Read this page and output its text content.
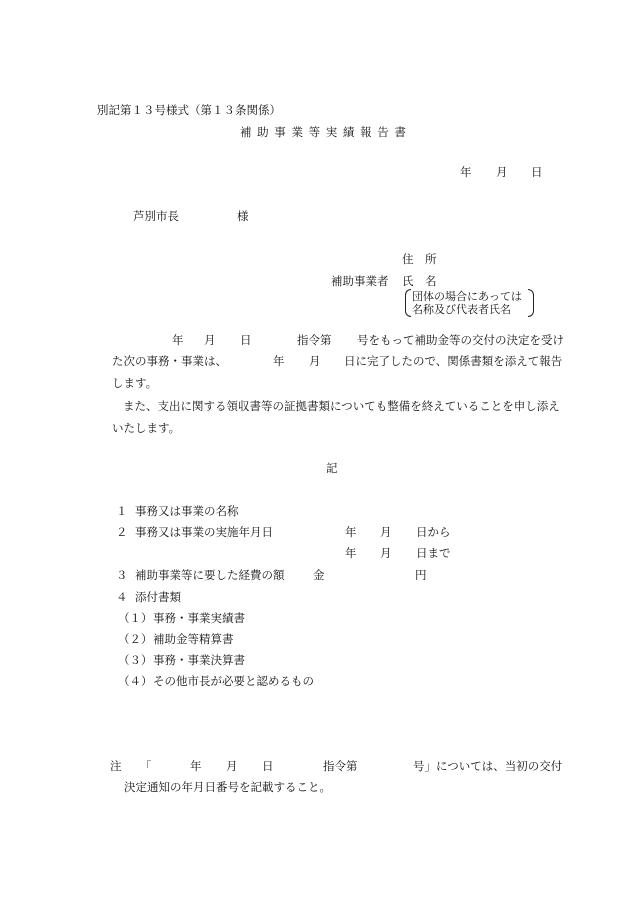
別記第１３号様式（第１３条関係）
補 助 事 業 等 実 績 報 告 書
年 月 日
芦別市長	様
住　所
補助事業者 氏　名
団体の場合にあっては
名称及び代表者氏名
年 月 日	指令第 号をもって補助金等の交付の決定を受け
た次の事務・事業は、	年 月 日に完了したので、関係書類を添えて報告
します。
また、支出に関する領収書等の証拠書類についても整備を終えていることを申し添え
いたします。
記
１ 事務又は事業の名称
２ 事務又は事業の実施年月日	年 月 日から
年 月 日まで
３ 補助事業等に要した経費の額 金	円
４ 添付書類
（１） 事務・事業実績書
（２） 補助金等精算書
（３） 事務・事業決算書
（４） その他市長が必要と認めるもの
注 「	年 月 日	指令第	号」については、当初の交付
決定通知の年月日番号を記載すること。
